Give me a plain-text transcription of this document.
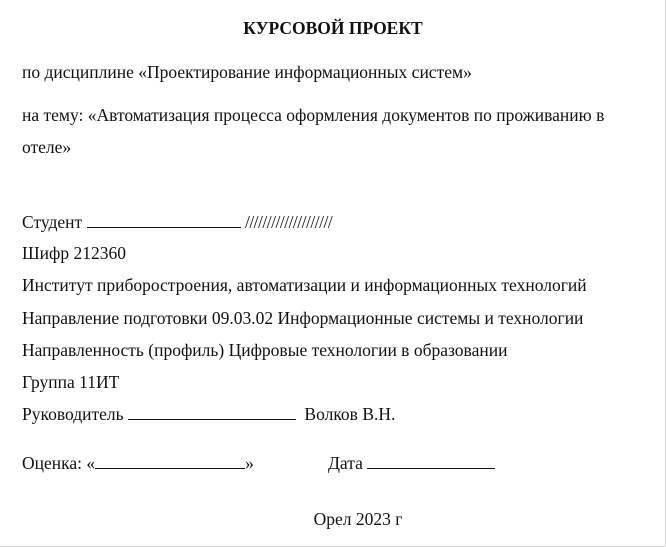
КУРСОВОЙ ПРОЕКТ
по дисциплине «Проектирование информационных систем»
на тему: «Автоматизация процесса оформления документов по проживанию в
отеле»
Студент	////////////////////
Шифр 212360
Институт приборостроения, автоматизации и информационных технологий
Направление подготовки 09.03.02 Информационные системы и технологии
Направленность (профиль) Цифровые технологии в образовании
Группа 11ИТ
Руководитель	Волков В.Н.
Оценка: «	»	Дата
Орел 2023 г
